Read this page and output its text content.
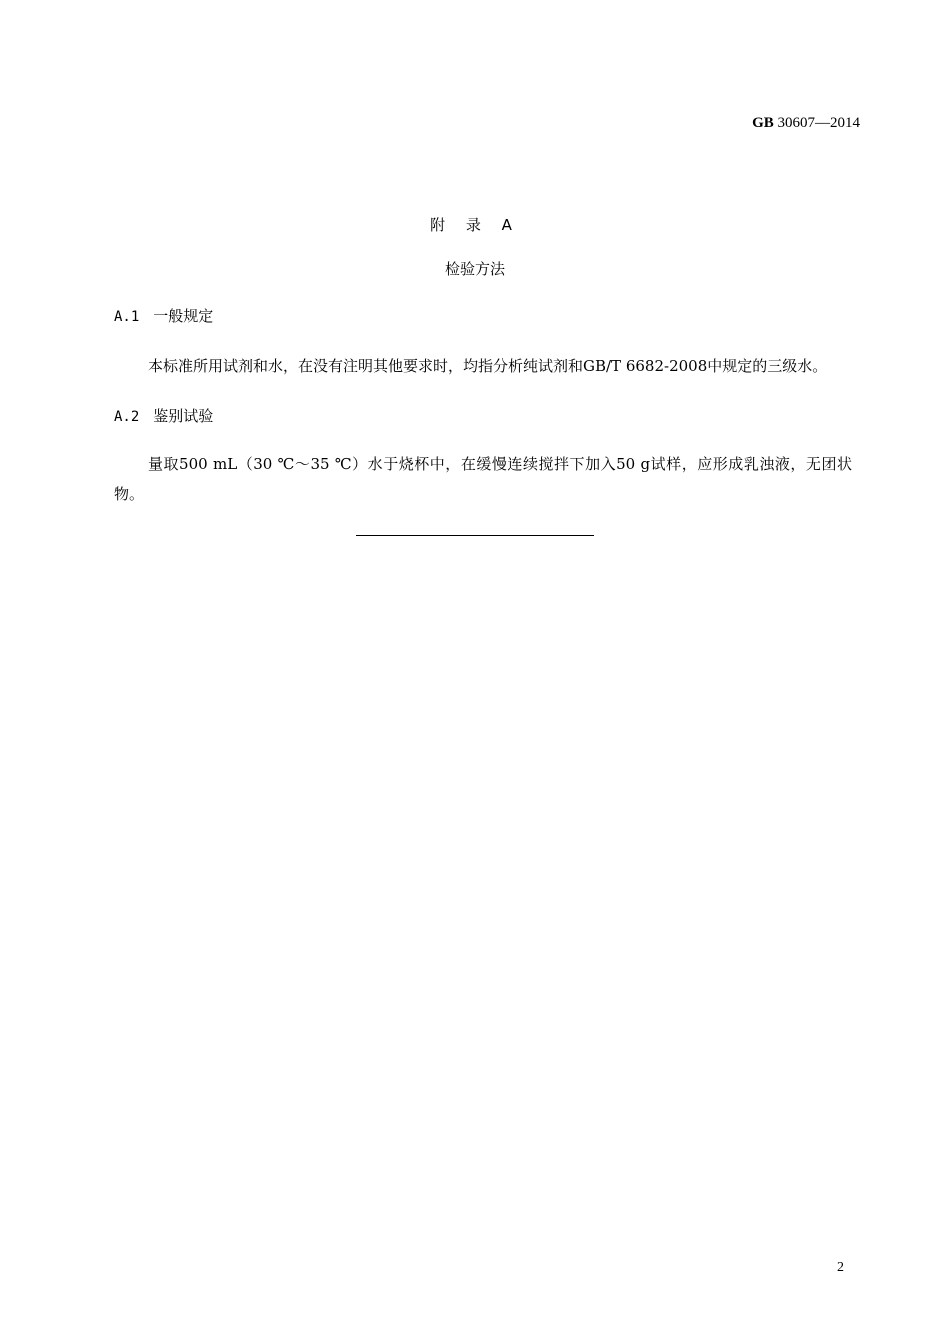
GB 30607—2014
附 录 A
检验方法
A.1 一般规定
本标准所用试剂和水，在没有注明其他要求时，均指分析纯试剂和GB/T 6682-2008中规定的三级水。
A.2 鉴别试验
量取500 mL（30 ℃～35 ℃）水于烧杯中，在缓慢连续搅拌下加入50 g试样，应形成乳浊液，无团状物。
2
